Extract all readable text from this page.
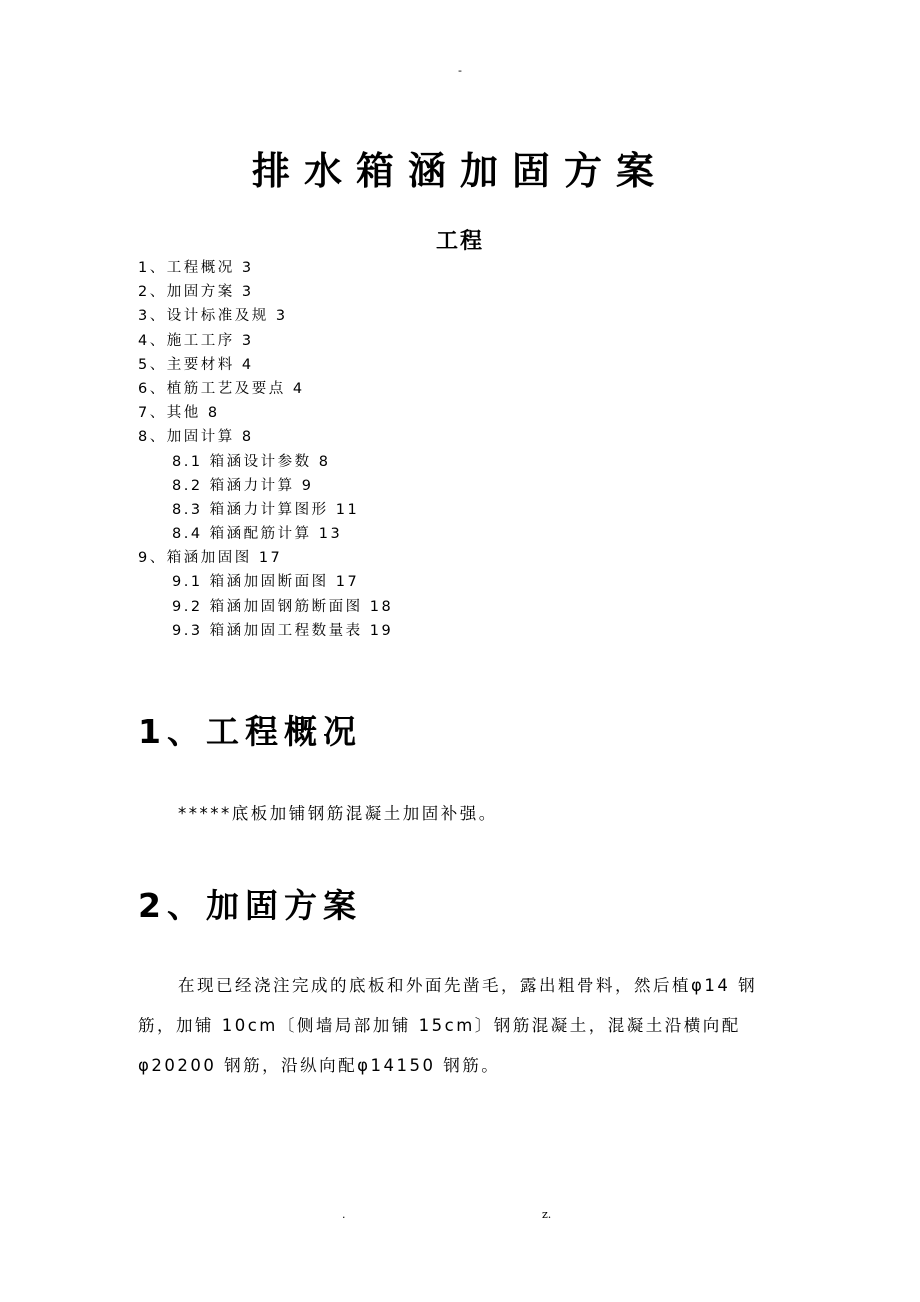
-
排水箱涵加固方案
工程
1、工程概况 3
2、加固方案 3
3、设计标准及规 3
4、施工工序 3
5、主要材料 4
6、植筋工艺及要点 4
7、其他 8
8、加固计算 8
8.1 箱涵设计参数 8
8.2 箱涵力计算 9
8.3 箱涵力计算图形 11
8.4 箱涵配筋计算 13
9、箱涵加固图 17
9.1 箱涵加固断面图 17
9.2 箱涵加固钢筋断面图 18
9.3 箱涵加固工程数量表 19
1、工程概况
*****底板加铺钢筋混凝土加固补强。
2、加固方案
在现已经浇注完成的底板和外面先凿毛，露出粗骨料，然后植φ14 钢筋，加铺 10cm〔侧墙局部加铺 15cm〕钢筋混凝土，混凝土沿横向配φ20200 钢筋，沿纵向配φ14150 钢筋。
.	z.
